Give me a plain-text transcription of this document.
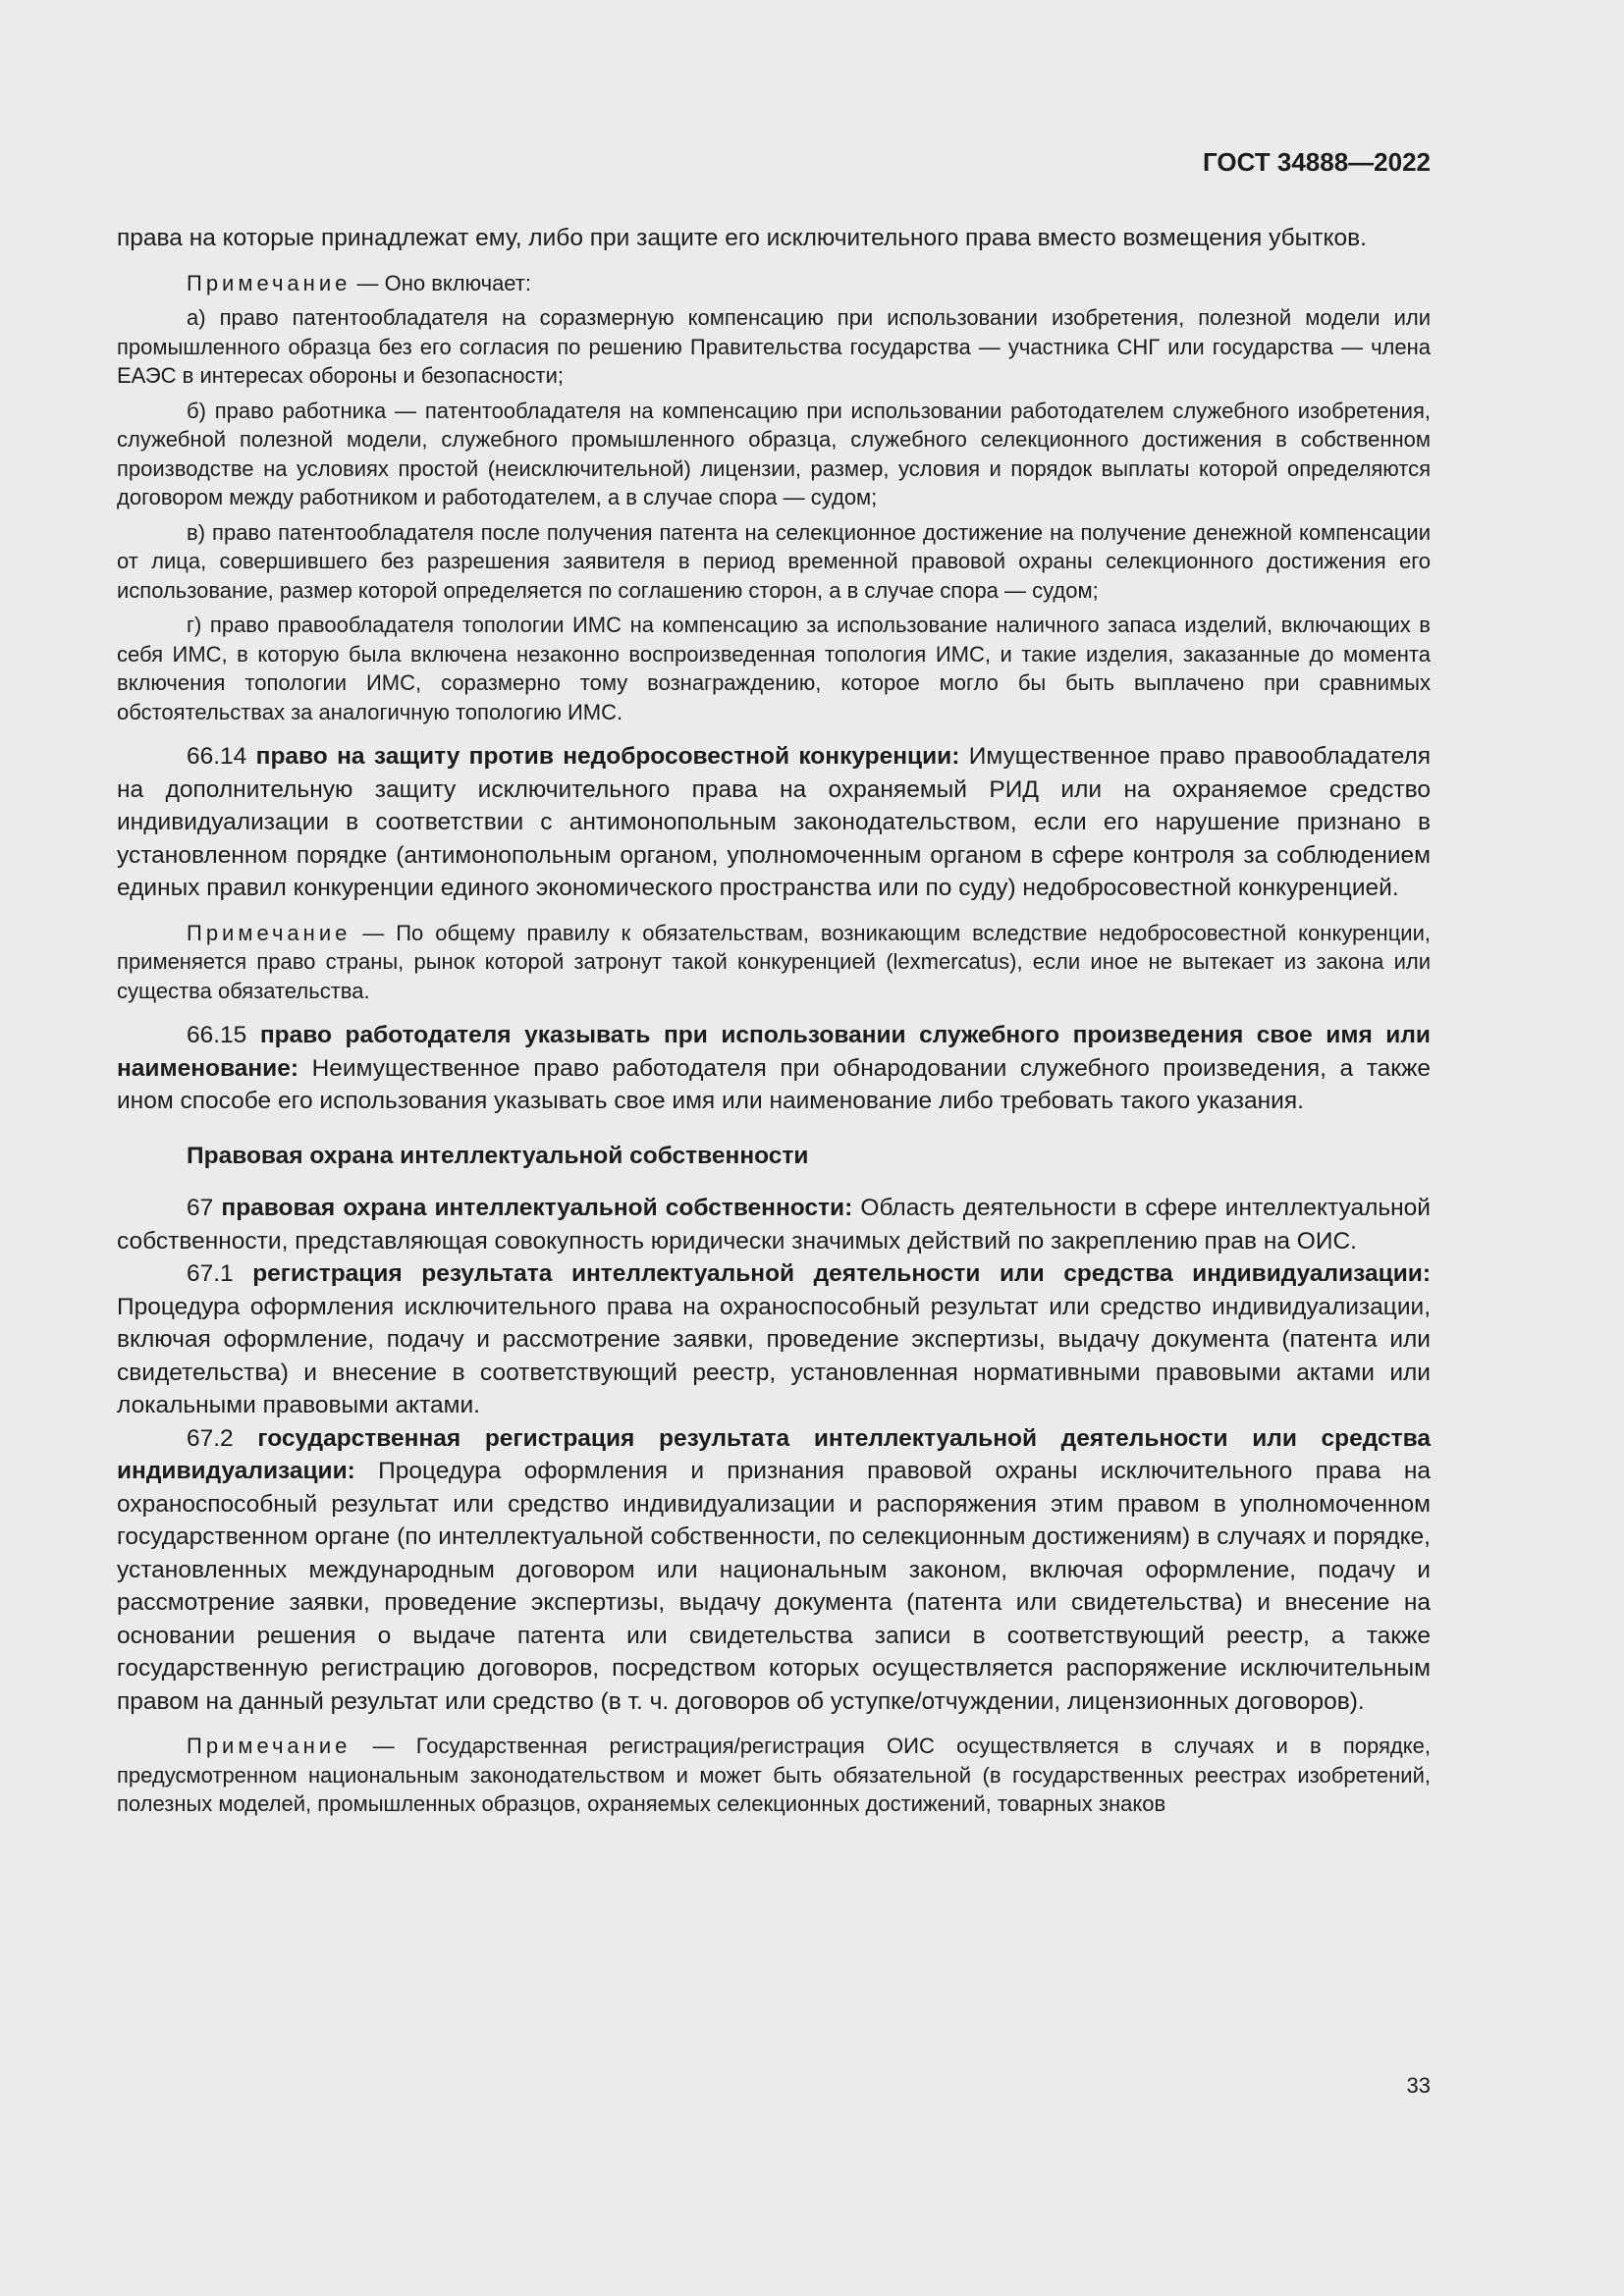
ГОСТ 34888—2022

права на которые принадлежат ему, либо при защите его исключительного права вместо возмещения убытков.

Примечание — Оно включает:

а) право патентообладателя на соразмерную компенсацию при использовании изобретения, полезной модели или промышленного образца без его согласия по решению Правительства государства — участника СНГ или государства — члена ЕАЭС в интересах обороны и безопасности;

б) право работника — патентообладателя на компенсацию при использовании работодателем служебного изобретения, служебной полезной модели, служебного промышленного образца, служебного селекционного достижения в собственном производстве на условиях простой (неисключительной) лицензии, размер, условия и порядок выплаты которой определяются договором между работником и работодателем, а в случае спора — судом;

в) право патентообладателя после получения патента на селекционное достижение на получение денежной компенсации от лица, совершившего без разрешения заявителя в период временной правовой охраны селекционного достижения его использование, размер которой определяется по соглашению сторон, а в случае спора — судом;

г) право правообладателя топологии ИМС на компенсацию за использование наличного запаса изделий, включающих в себя ИМС, в которую была включена незаконно воспроизведенная топология ИМС, и такие изделия, заказанные до момента включения топологии ИМС, соразмерно тому вознаграждению, которое могло бы быть выплачено при сравнимых обстоятельствах за аналогичную топологию ИМС.

66.14 право на защиту против недобросовестной конкуренции: Имущественное право правообладателя на дополнительную защиту исключительного права на охраняемый РИД или на охраняемое средство индивидуализации в соответствии с антимонопольным законодательством, если его нарушение признано в установленном порядке (антимонопольным органом, уполномоченным органом в сфере контроля за соблюдением единых правил конкуренции единого экономического пространства или по суду) недобросовестной конкуренцией.

Примечание — По общему правилу к обязательствам, возникающим вследствие недобросовестной конкуренции, применяется право страны, рынок которой затронут такой конкуренцией (lexmercatus), если иное не вытекает из закона или существа обязательства.

66.15 право работодателя указывать при использовании служебного произведения свое имя или наименование: Неимущественное право работодателя при обнародовании служебного произведения, а также ином способе его использования указывать свое имя или наименование либо требовать такого указания.

Правовая охрана интеллектуальной собственности

67 правовая охрана интеллектуальной собственности: Область деятельности в сфере интеллектуальной собственности, представляющая совокупность юридически значимых действий по закреплению прав на ОИС.

67.1 регистрация результата интеллектуальной деятельности или средства индивидуализации: Процедура оформления исключительного права на охраноспособный результат или средство индивидуализации, включая оформление, подачу и рассмотрение заявки, проведение экспертизы, выдачу документа (патента или свидетельства) и внесение в соответствующий реестр, установленная нормативными правовыми актами или локальными правовыми актами.

67.2 государственная регистрация результата интеллектуальной деятельности или средства индивидуализации: Процедура оформления и признания правовой охраны исключительного права на охраноспособный результат или средство индивидуализации и распоряжения этим правом в уполномоченном государственном органе (по интеллектуальной собственности, по селекционным достижениям) в случаях и порядке, установленных международным договором или национальным законом, включая оформление, подачу и рассмотрение заявки, проведение экспертизы, выдачу документа (патента или свидетельства) и внесение на основании решения о выдаче патента или свидетельства записи в соответствующий реестр, а также государственную регистрацию договоров, посредством которых осуществляется распоряжение исключительным правом на данный результат или средство (в т. ч. договоров об уступке/отчуждении, лицензионных договоров).

Примечание — Государственная регистрация/регистрация ОИС осуществляется в случаях и в порядке, предусмотренном национальным законодательством и может быть обязательной (в государственных реестрах изобретений, полезных моделей, промышленных образцов, охраняемых селекционных достижений, товарных знаков

33
